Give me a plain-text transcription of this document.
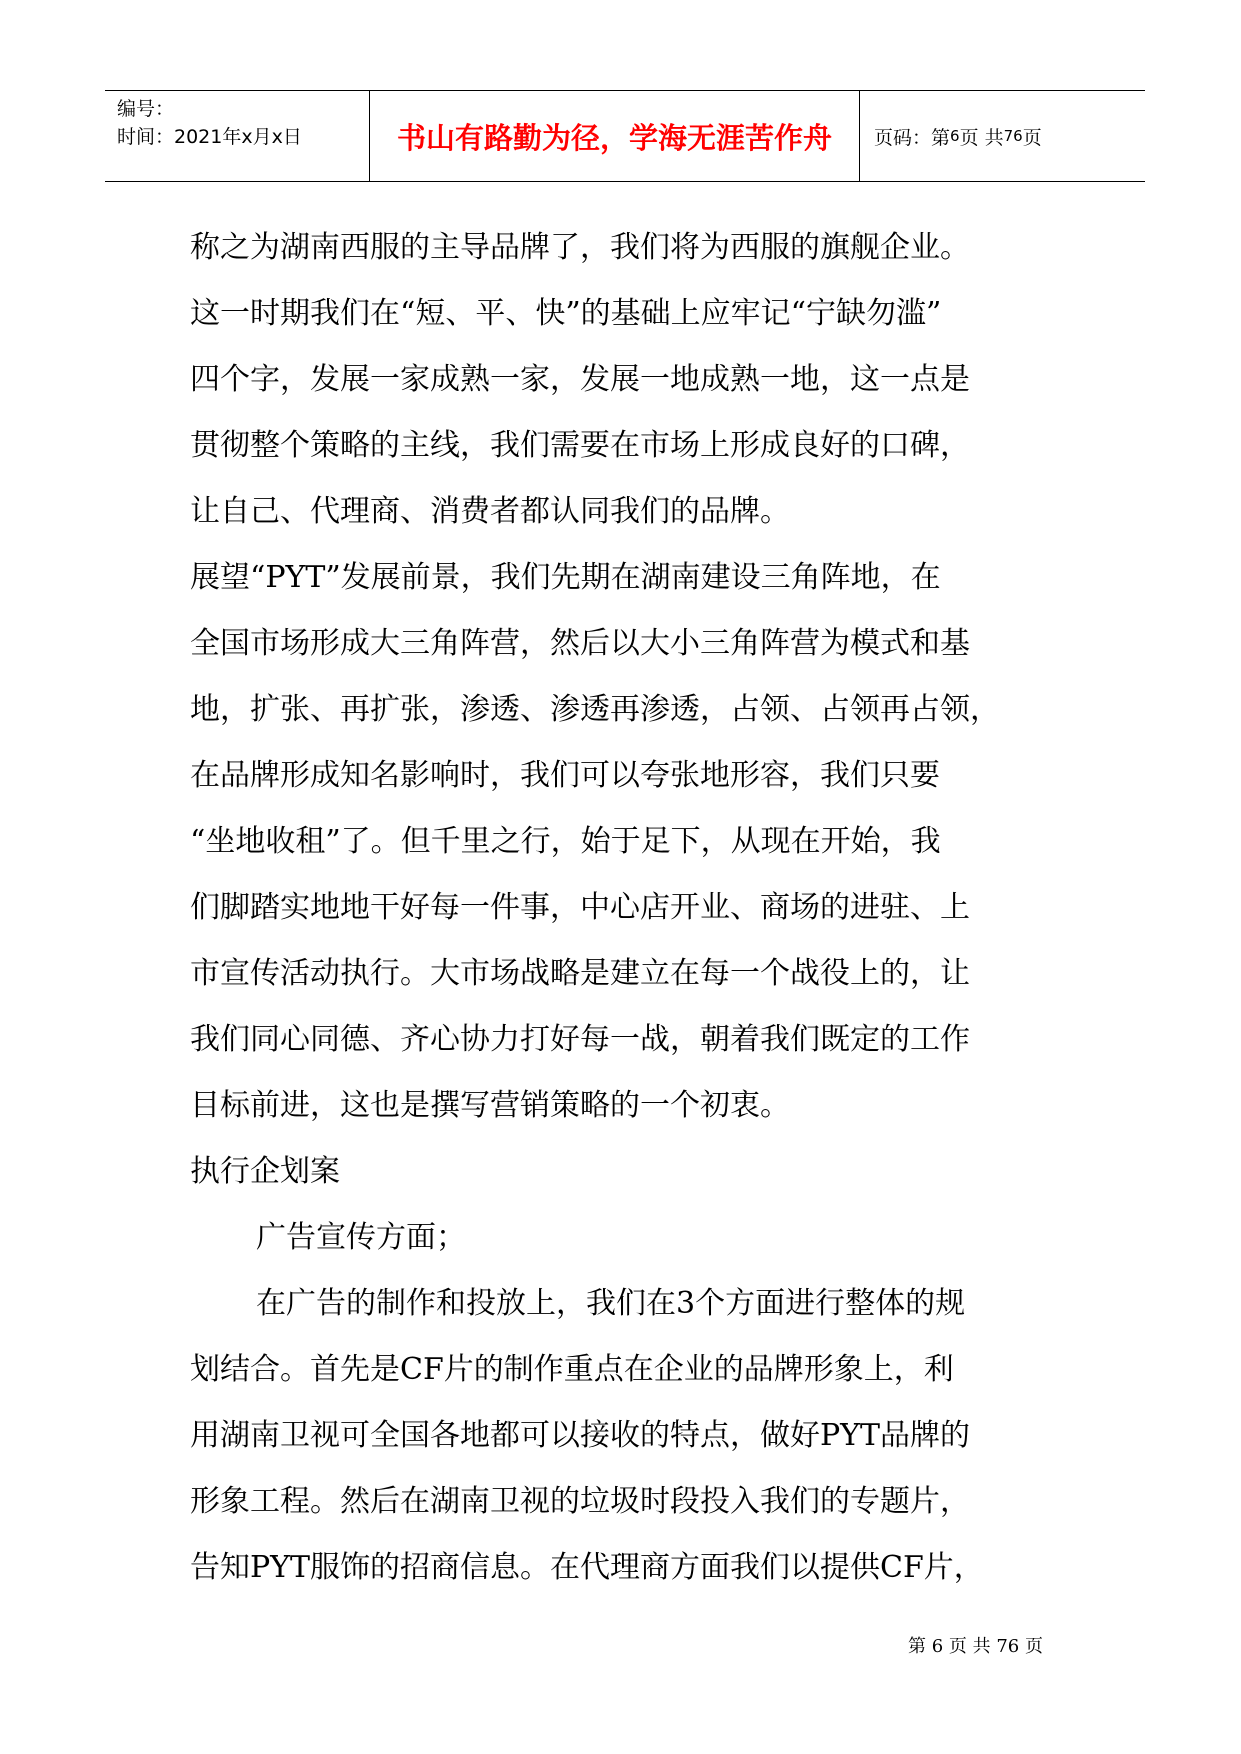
编号：
时间：2021年x月x日	书山有路勤为径，学海无涯苦作舟	页码：第 6 页 共 76 页
称之为湖南西服的主导品牌了，我们将为西服的旗舰企业。
这一时期我们在“短、平、快”的基础上应牢记“宁缺勿滥”
四个字，发展一家成熟一家，发展一地成熟一地，这一点是
贯彻整个策略的主线，我们需要在市场上形成良好的口碑，
让自己、代理商、消费者都认同我们的品牌。
展望“PYT”发展前景，我们先期在湖南建设三角阵地，在
全国市场形成大三角阵营，然后以大小三角阵营为模式和基
地，扩张、再扩张，渗透、渗透再渗透，占领、占领再占领，
在品牌形成知名影响时，我们可以夸张地形容，我们只要
“坐地收租”了。但千里之行，始于足下，从现在开始，我
们脚踏实地地干好每一件事，中心店开业、商场的进驻、上
市宣传活动执行。大市场战略是建立在每一个战役上的，让
我们同心同德、齐心协力打好每一战，朝着我们既定的工作
目标前进，这也是撰写营销策略的一个初衷。
执行企划案
广告宣传方面；
在广告的制作和投放上，我们在3个方面进行整体的规
划结合。首先是CF片的制作重点在企业的品牌形象上，利
用湖南卫视可全国各地都可以接收的特点，做好PYT品牌的
形象工程。然后在湖南卫视的垃圾时段投入我们的专题片，
告知PYT服饰的招商信息。在代理商方面我们以提供CF片，
第 6 页 共 76 页
